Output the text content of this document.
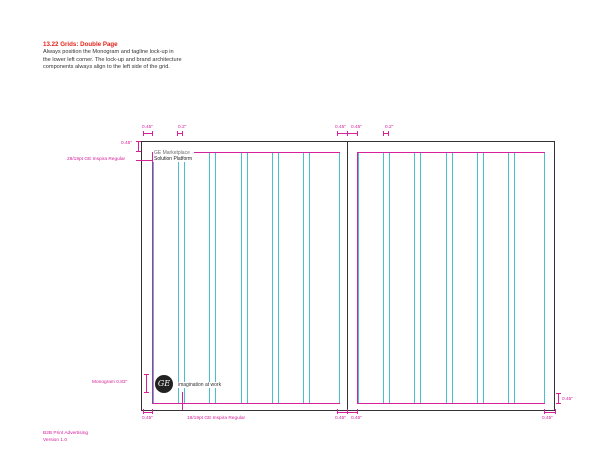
13.22 Grids: Double Page
Always position the Monogram and tagline lock-up in
the lower left corner. The lock-up and brand architecture
components always align to the left side of the grid.
0.45"	0.2"	0.45" 0.45"	0.2"
0.45"
GE Marketplace
Solution Platform
GE	imagination at work
28/19pt GE Inspira Regular
Monogram 0.83"
0.45"
0.45"	18/19pt GE Inspira Regular	0.45" 0.45"	0.45"
B2B Print Advertising
Version 1.0
